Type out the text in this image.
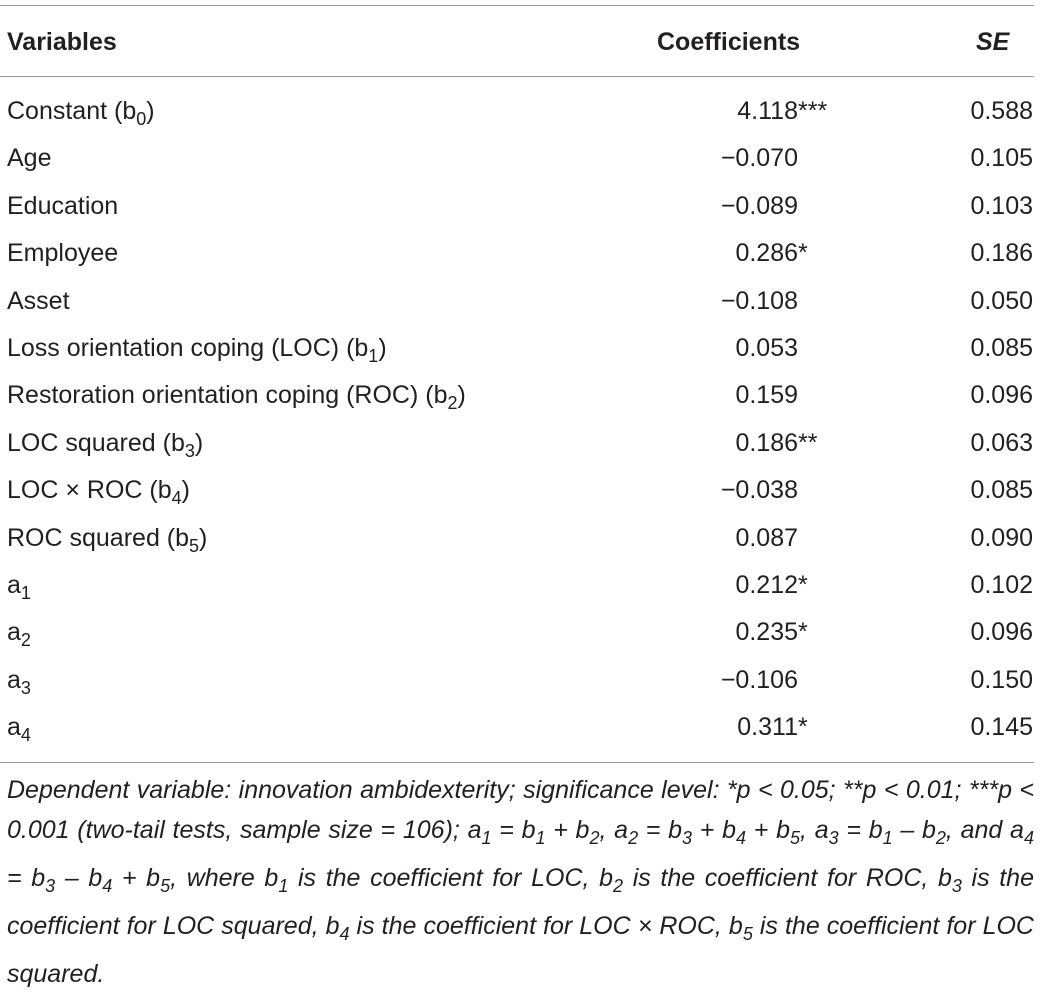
Variables	Coefficients	SE
Constant $(b_0)$	4.118 ***	0.588
Age	−0.070	0.105
Education	−0.089	0.103
Employee	0.286 *	0.186
Asset	−0.108	0.050
Loss orientation coping (LOC) $(b_1)$	0.053	0.085
Restoration orientation coping (ROC) $(b_2)$	0.159	0.096
LOC squared $(b_3)$	0.186 **	0.063
LOC × ROC $(b_4)$	−0.038	0.085
ROC squared $(b_5)$	0.087	0.090
$a_1$	0.212 *	0.102
$a_2$	0.235 *	0.096
$a_3$	−0.106	0.150
$a_4$	0.311 *	0.145
Dependent variable: innovation ambidexterity; significance level: *p < 0.05; **p < 0.01; ***p < 0.001 (two-tail tests, sample size = 106); $a_1 = b_1 + b_2$, $a_2 = b_3 + b_4 + b_5$, $a_3 = b_1 - b_2$, and $a_4 = b_3 - b_4 + b_5$, where $b_1$ is the coefficient for LOC, $b_2$ is the coefficient for ROC, $b_3$ is the coefficient for LOC squared, $b_4$ is the coefficient for LOC × ROC, $b_5$ is the coefficient for LOC squared.
